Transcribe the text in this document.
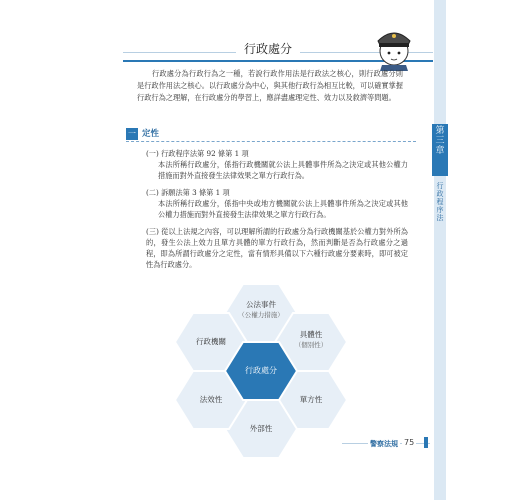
第三章
行政程序法
行政處分
行政處分為行政行為之一種，若說行政作用法是行政法之核心，則行政處分則是行政作用法之核心。以行政處分為中心，與其他行政行為相互比較，可以確實掌握行政行為之理解，在行政處分的學習上，應詳盡處理定性、效力以及救濟等問題。
一 定性
(一) 行政程序法第 92 條第 1 項
本法所稱行政處分，係指行政機關就公法上具體事件所為之決定或其他公權力措施而對外直接發生法律效果之單方行政行為。
(二) 訴願法第 3 條第 1 項
本法所稱行政處分，係指中央或地方機關就公法上具體事件所為之決定或其他公權力措施而對外直接發生法律效果之單方行政行為。
(三) 從以上法規之內容，可以理解所謂的行政處分為行政機關基於公權力對外所為的，發生公法上效力且單方具體的單方行政行為，然而判斷是否為行政處分之過程，即為所謂行政處分之定性，當有情形具備以下六種行政處分要素時，即可被定性為行政處分。
公法事件
（公權力措施）
具體性
（個別性）
單方性
外部性
法效性
行政機關
行政處分
警察法規 75
